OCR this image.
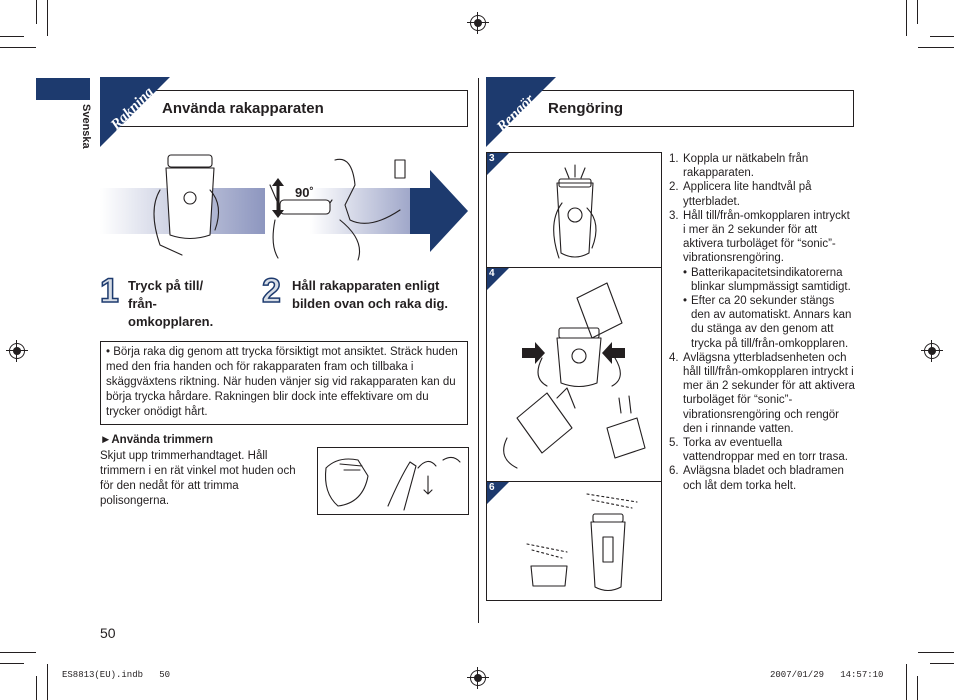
Svenska Rakning Använda rakapparaten
90˚
1 Tryck på till/ från- omkopplaren.
2 Håll rakapparaten enligt bilden ovan och raka dig.
• Börja raka dig genom att trycka försiktigt mot ansiktet. Sträck huden med den fria handen och för rakapparaten fram och tillbaka i skäggväxtens riktning. När huden vänjer sig vid rakapparaten kan du börja trycka hårdare. Rakningen blir dock inte effektivare om du trycker onödigt hårt.
►Använda trimmern
Skjut upp trimmerhandtaget. Håll trimmern i en rät vinkel mot huden och för den nedåt för att trimma polisongerna.
Rengör Rengöring
3
4
6
1. Koppla ur nätkabeln från rakapparaten.
2. Applicera lite handtvål på ytterbladet.
3. Håll till/från-omkopplaren intryckt i mer än 2 sekunder för att aktivera turboläget för “sonic”-vibrationsrengöring.
• Batterikapacitetsindikatorerna blinkar slumpmässigt samtidigt.
• Efter ca 20 sekunder stängs den av automatiskt. Annars kan du stänga av den genom att trycka på till/från-omkopplaren.
4. Avlägsna ytterbladsenheten och håll till/från-omkopplaren intryckt i mer än 2 sekunder för att aktivera turboläget för “sonic”-vibrationsrengöring och rengör den i rinnande vatten.
5. Torka av eventuella vattendroppar med en torr trasa.
6. Avlägsna bladet och bladramen och låt dem torka helt.
50
ES8813(EU).indb   50	2007/01/29   14:57:10
